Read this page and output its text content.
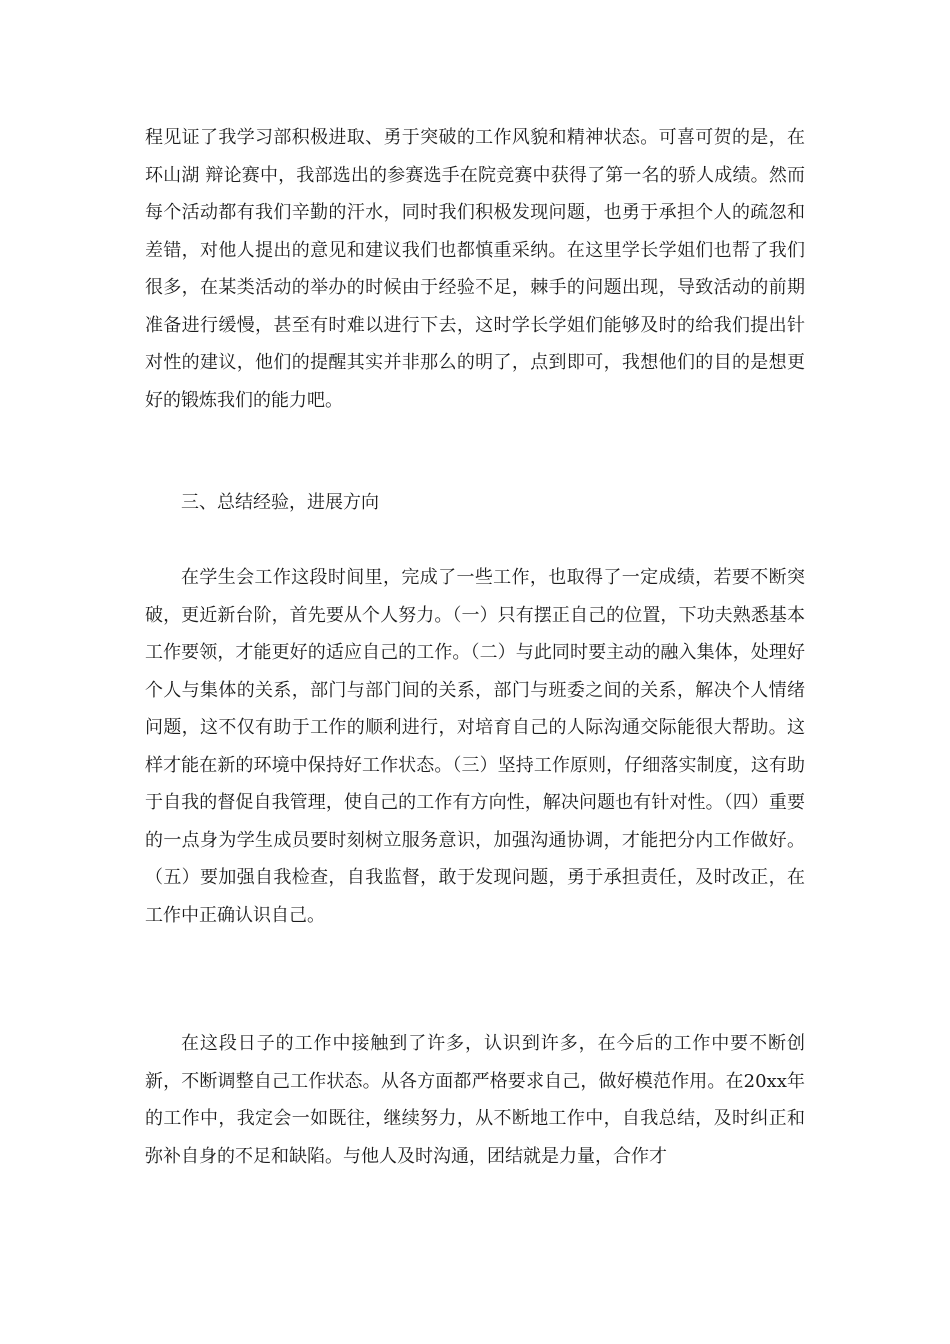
程见证了我学习部积极进取、勇于突破的工作风貌和精神状态。可喜可贺的是，在 环山湖 辩论赛中，我部选出的参赛选手在院竞赛中获得了第一名的骄人成绩。然而每个活动都有我们辛勤的汗水，同时我们积极发现问题，也勇于承担个人的疏忽和差错，对他人提出的意见和建议我们也都慎重采纳。在这里学长学姐们也帮了我们很多，在某类活动的举办的时候由于经验不足，棘手的问题出现，导致活动的前期准备进行缓慢，甚至有时难以进行下去，这时学长学姐们能够及时的给我们提出针对性的建议，他们的提醒其实并非那么的明了，点到即可，我想他们的目的是想更好的锻炼我们的能力吧。

三、总结经验，进展方向

在学生会工作这段时间里，完成了一些工作，也取得了一定成绩，若要不断突破，更近新台阶，首先要从个人努力。（一）只有摆正自己的位置，下功夫熟悉基本工作要领，才能更好的适应自己的工作。（二）与此同时要主动的融入集体，处理好个人与集体的关系，部门与部门间的关系，部门与班委之间的关系，解决个人情绪问题，这不仅有助于工作的顺利进行，对培育自己的人际沟通交际能很大帮助。这样才能在新的环境中保持好工作状态。（三）坚持工作原则，仔细落实制度，这有助于自我的督促自我管理，使自己的工作有方向性，解决问题也有针对性。（四）重要的一点身为学生成员要时刻树立服务意识，加强沟通协调，才能把分内工作做好。（五）要加强自我检查，自我监督，敢于发现问题，勇于承担责任，及时改正，在工作中正确认识自己。

在这段日子的工作中接触到了许多，认识到许多，在今后的工作中要不断创新，不断调整自己工作状态。从各方面都严格要求自己，做好模范作用。在20xx年的工作中，我定会一如既往，继续努力，从不断地工作中，自我总结，及时纠正和弥补自身的不足和缺陷。与他人及时沟通，团结就是力量，合作才
